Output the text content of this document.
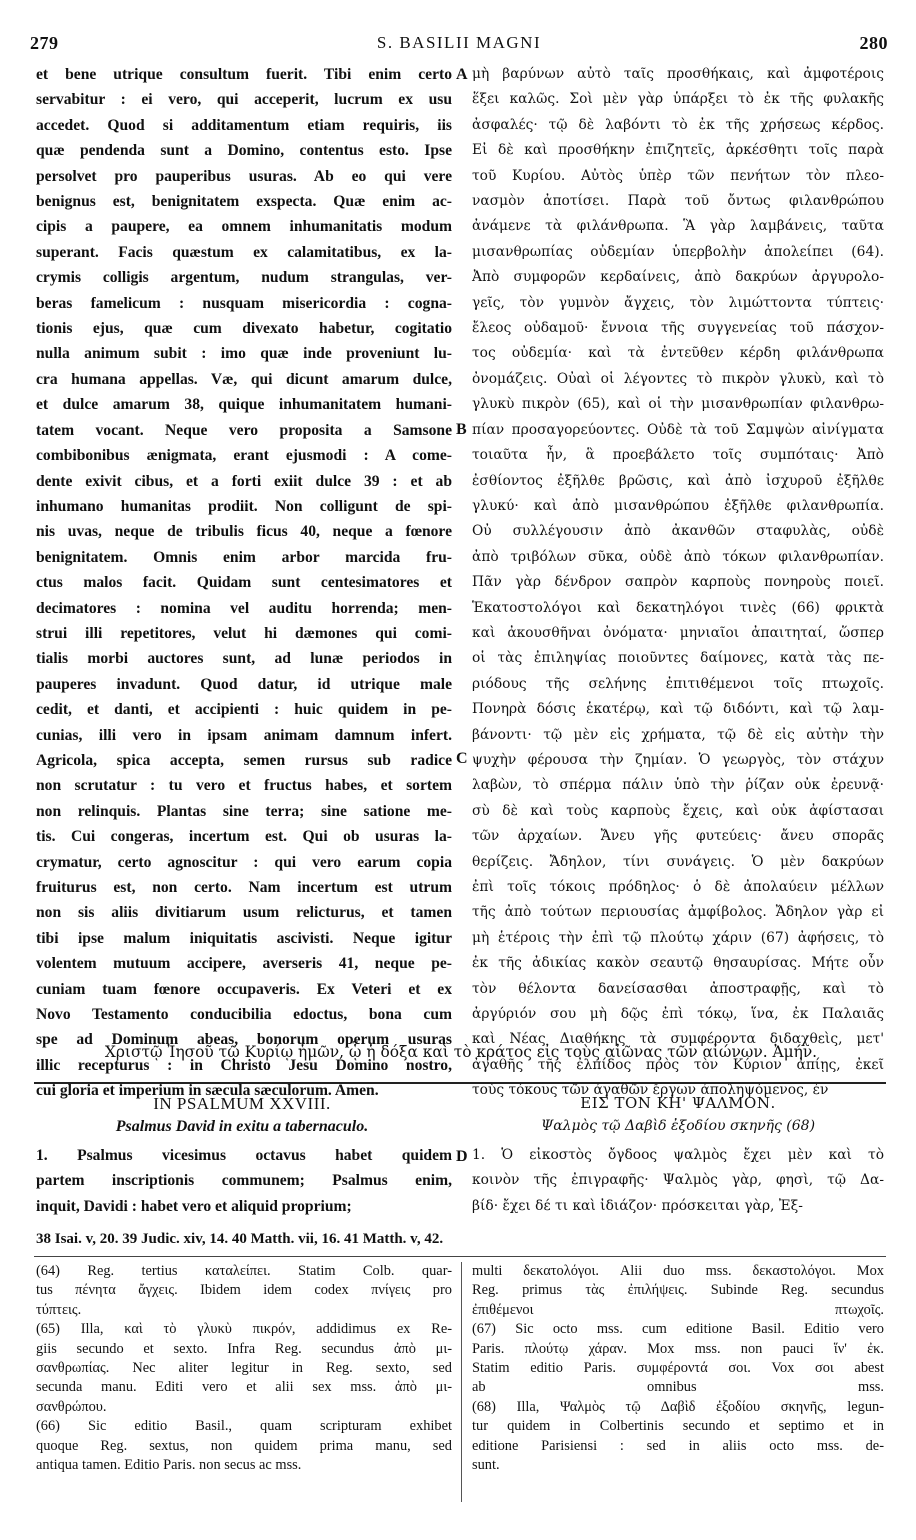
279	S. BASILII MAGNI	280

et bene utrique consultum fuerit. Tibi enim certo

servabitur : ei vero, qui acceperit, lucrum ex usu

accedet. Quod si additamentum etiam requiris, iis

quæ pendenda sunt a Domino, contentus esto. Ipse

persolvet pro pauperibus usuras. Ab eo qui vere

benignus est, benignitatem exspecta. Quæ enim ac-

cipis a paupere, ea omnem inhumanitatis modum

superant. Facis quæstum ex calamitatibus, ex la-

crymis colligis argentum, nudum strangulas, ver-

beras famelicum : nusquam misericordia : cogna-

tionis ejus, quæ cum divexato habetur, cogitatio

nulla animum subit : imo quæ inde proveniunt lu-

cra humana appellas. Væ, qui dicunt amarum dulce,

et dulce amarum 38, quique inhumanitatem humani-

tatem vocant. Neque vero proposita a Samsone

combibonibus ænigmata, erant ejusmodi : A come-

dente exivit cibus, et a forti exiit dulce 39 : et ab

inhumano humanitas prodiit. Non colligunt de spi-

nis uvas, neque de tribulis ficus 40, neque a fœnore

benignitatem. Omnis enim arbor marcida fru-

ctus malos facit. Quidam sunt centesimatores et

decimatores : nomina vel auditu horrenda; men-

strui illi repetitores, velut hi dæmones qui comi-

tialis morbi auctores sunt, ad lunæ periodos in

pauperes invadunt. Quod datur, id utrique male

cedit, et danti, et accipienti : huic quidem in pe-

cunias, illi vero in ipsam animam damnum infert.

Agricola, spica accepta, semen rursus sub radice

non scrutatur : tu vero et fructus habes, et sortem

non relinquis. Plantas sine terra; sine satione me-

tis. Cui congeras, incertum est. Qui ob usuras la-

crymatur, certo agnoscitur : qui vero earum copia

fruiturus est, non certo. Nam incertum est utrum

non sis aliis divitiarum usum relicturus, et tamen

tibi ipse malum iniquitatis ascivisti. Neque igitur

volentem mutuum accipere, averseris 41, neque pe-

cuniam tuam fœnore occupaveris. Ex Veteri et ex

Novo Testamento conducibilia edoctus, bona cum

spe ad Dominum abeas, bonorum operum usuras

illic recepturus : in Christo Jesu Domino nostro,

cui gloria et imperium in sæcula sæculorum. Amen.

μὴ βαρύνων αὐτὸ ταῖς προσθήκαις, καὶ ἀμφοτέροις

ἕξει καλῶς. Σοὶ μὲν γὰρ ὑπάρξει τὸ ἐκ τῆς φυλακῆς

ἀσφαλές· τῷ δὲ λαβόντι τὸ ἐκ τῆς χρήσεως κέρδος.

Εἰ δὲ καὶ προσθήκην ἐπιζητεῖς, ἀρκέσθητι τοῖς παρὰ

τοῦ Κυρίου. Αὐτὸς ὑπὲρ τῶν πενήτων τὸν πλεο-

νασμὸν ἀποτίσει. Παρὰ τοῦ ὄντως φιλανθρώπου

ἀνάμενε τὰ φιλάνθρωπα. Ἃ γὰρ λαμβάνεις, ταῦτα

μισανθρωπίας οὐδεμίαν ὑπερβολὴν ἀπολείπει (64).

Ἀπὸ συμφορῶν κερδαίνεις, ἀπὸ δακρύων ἀργυρολο-

γεῖς, τὸν γυμνὸν ἄγχεις, τὸν λιμώττοντα τύπτεις·

ἔλεος οὐδαμοῦ· ἔννοια τῆς συγγενείας τοῦ πάσχον-

τος οὐδεμία· καὶ τὰ ἐντεῦθεν κέρδη φιλάνθρωπα

ὀνομάζεις. Οὐαὶ οἱ λέγοντες τὸ πικρὸν γλυκὺ, καὶ τὸ

γλυκὺ πικρὸν (65), καὶ οἱ τὴν μισανθρωπίαν φιλανθρω-

πίαν προσαγορεύοντες. Οὐδὲ τὰ τοῦ Σαμψὼν αἰνίγματα

τοιαῦτα ἦν, ἃ προεβάλετο τοῖς συμπόταις· Ἀπὸ

ἐσθίοντος ἐξῆλθε βρῶσις, καὶ ἀπὸ ἰσχυροῦ ἐξῆλθε

γλυκύ· καὶ ἀπὸ μισανθρώπου ἐξῆλθε φιλανθρωπία.

Οὐ συλλέγουσιν ἀπὸ ἀκανθῶν σταφυλὰς, οὐδὲ

ἀπὸ τριβόλων σῦκα, οὐδὲ ἀπὸ τόκων φιλανθρωπίαν.

Πᾶν γὰρ δένδρον σαπρὸν καρποὺς πονηροὺς ποιεῖ.

Ἑκατοστολόγοι καὶ δεκατηλόγοι τινὲς (66) φρικτὰ

καὶ ἀκουσθῆναι ὀνόματα· μηνιαῖοι ἀπαιτηταί, ὥσπερ

οἱ τὰς ἐπιληψίας ποιοῦντες δαίμονες, κατὰ τὰς πε-

ριόδους τῆς σελήνης ἐπιτιθέμενοι τοῖς πτωχοῖς.

Πονηρὰ δόσις ἑκατέρῳ, καὶ τῷ διδόντι, καὶ τῷ λαμ-

βάνοντι· τῷ μὲν εἰς χρήματα, τῷ δὲ εἰς αὐτὴν τὴν

ψυχὴν φέρουσα τὴν ζημίαν. Ὁ γεωργὸς, τὸν στάχυν

λαβὼν, τὸ σπέρμα πάλιν ὑπὸ τὴν ῥίζαν οὐκ ἐρευνᾷ·

σὺ δὲ καὶ τοὺς καρποὺς ἔχεις, καὶ οὐκ ἀφίστασαι

τῶν ἀρχαίων. Ἄνευ γῆς φυτεύεις· ἄνευ σπορᾶς

θερίζεις. Ἄδηλον, τίνι συνάγεις. Ὁ μὲν δακρύων

ἐπὶ τοῖς τόκοις πρόδηλος· ὁ δὲ ἀπολαύειν μέλλων

τῆς ἀπὸ τούτων περιουσίας ἀμφίβολος. Ἄδηλον γὰρ εἰ

μὴ ἑτέροις τὴν ἐπὶ τῷ πλούτῳ χάριν (67) ἀφήσεις, τὸ

ἐκ τῆς ἀδικίας κακὸν σεαυτῷ θησαυρίσας. Μήτε οὖν

τὸν θέλοντα δανείσασθαι ἀποστραφῇς, καὶ τὸ

ἀργύριόν σου μὴ δῷς ἐπὶ τόκῳ, ἵνα, ἐκ Παλαιᾶς

καὶ Νέας Διαθήκης τὰ συμφέροντα διδαχθεὶς, μετ'

ἀγαθῆς τῆς ἐλπίδος πρὸς τὸν Κύριον ἀπίῃς, ἐκεῖ

τοὺς τόκους τῶν ἀγαθῶν ἔργων ἀποληψόμενος, ἐν

A
B
C
D
Χριστῷ Ἰησοῦ τῷ Κυρίῳ ἡμῶν, ᾧ ἡ δόξα καὶ τὸ κράτος εἰς τοὺς αἰῶνας τῶν αἰώνων. Ἀμήν.
IN PSALMUM XXVIII.
Psalmus David in exitu a tabernaculo.

1. Psalmus vicesimus octavus habet quidem

partem inscriptionis communem; Psalmus enim,

inquit, Davidi : habet vero et aliquid proprium;

ΕΙΣ ΤΟΝ ΚΗ' ΨΑΛΜΟΝ.
Ψαλμὸς τῷ Δαβὶδ ἐξοδίου σκηνῆς (68)

1. Ὁ εἰκοστὸς ὄγδοος ψαλμὸς ἔχει μὲν καὶ τὸ

κοινὸν τῆς ἐπιγραφῆς· Ψαλμὸς γὰρ, φησὶ, τῷ Δα-

βίδ· ἔχει δέ τι καὶ ἰδιάζον· πρόσκειται γὰρ, Ἐξ-

38 Isai. v, 20. 39 Judic. xiv, 14. 40 Matth. vii, 16. 41 Matth. v, 42.

(64) Reg. tertius καταλείπει. Statim Colb. quar-

tus πένητα ἄγχεις. Ibidem idem codex πνίγεις pro

τύπτεις.

(65) Illa, καὶ τὸ γλυκὺ πικρόν, addidimus ex Re-

giis secundo et sexto. Infra Reg. secundus ἀπὸ μι-

σανθρωπίας. Nec aliter legitur in Reg. sexto, sed

secunda manu. Editi vero et alii sex mss. ἀπὸ μι-

σανθρώπου.

(66) Sic editio Basil., quam scripturam exhibet

quoque Reg. sextus, non quidem prima manu, sed

antiqua tamen. Editio Paris. non secus ac mss.

multi δεκατολόγοι. Alii duo mss. δεκαστολόγοι. Mox

Reg. primus τὰς ἐπιλήψεις. Subinde Reg. secundus

ἐπιθέμενοι πτωχοῖς.

(67) Sic octo mss. cum editione Basil. Editio vero

Paris. πλούτῳ χάραν. Mox mss. non pauci ἵν' ἐκ.

Statim editio Paris. συμφέροντά σοι. Vox σοι abest

ab omnibus mss.

(68) Illa, Ψαλμὸς τῷ Δαβὶδ ἐξοδίου σκηνῆς, legun-

tur quidem in Colbertinis secundo et septimo et in

editione Parisiensi : sed in aliis octo mss. de-

sunt.
